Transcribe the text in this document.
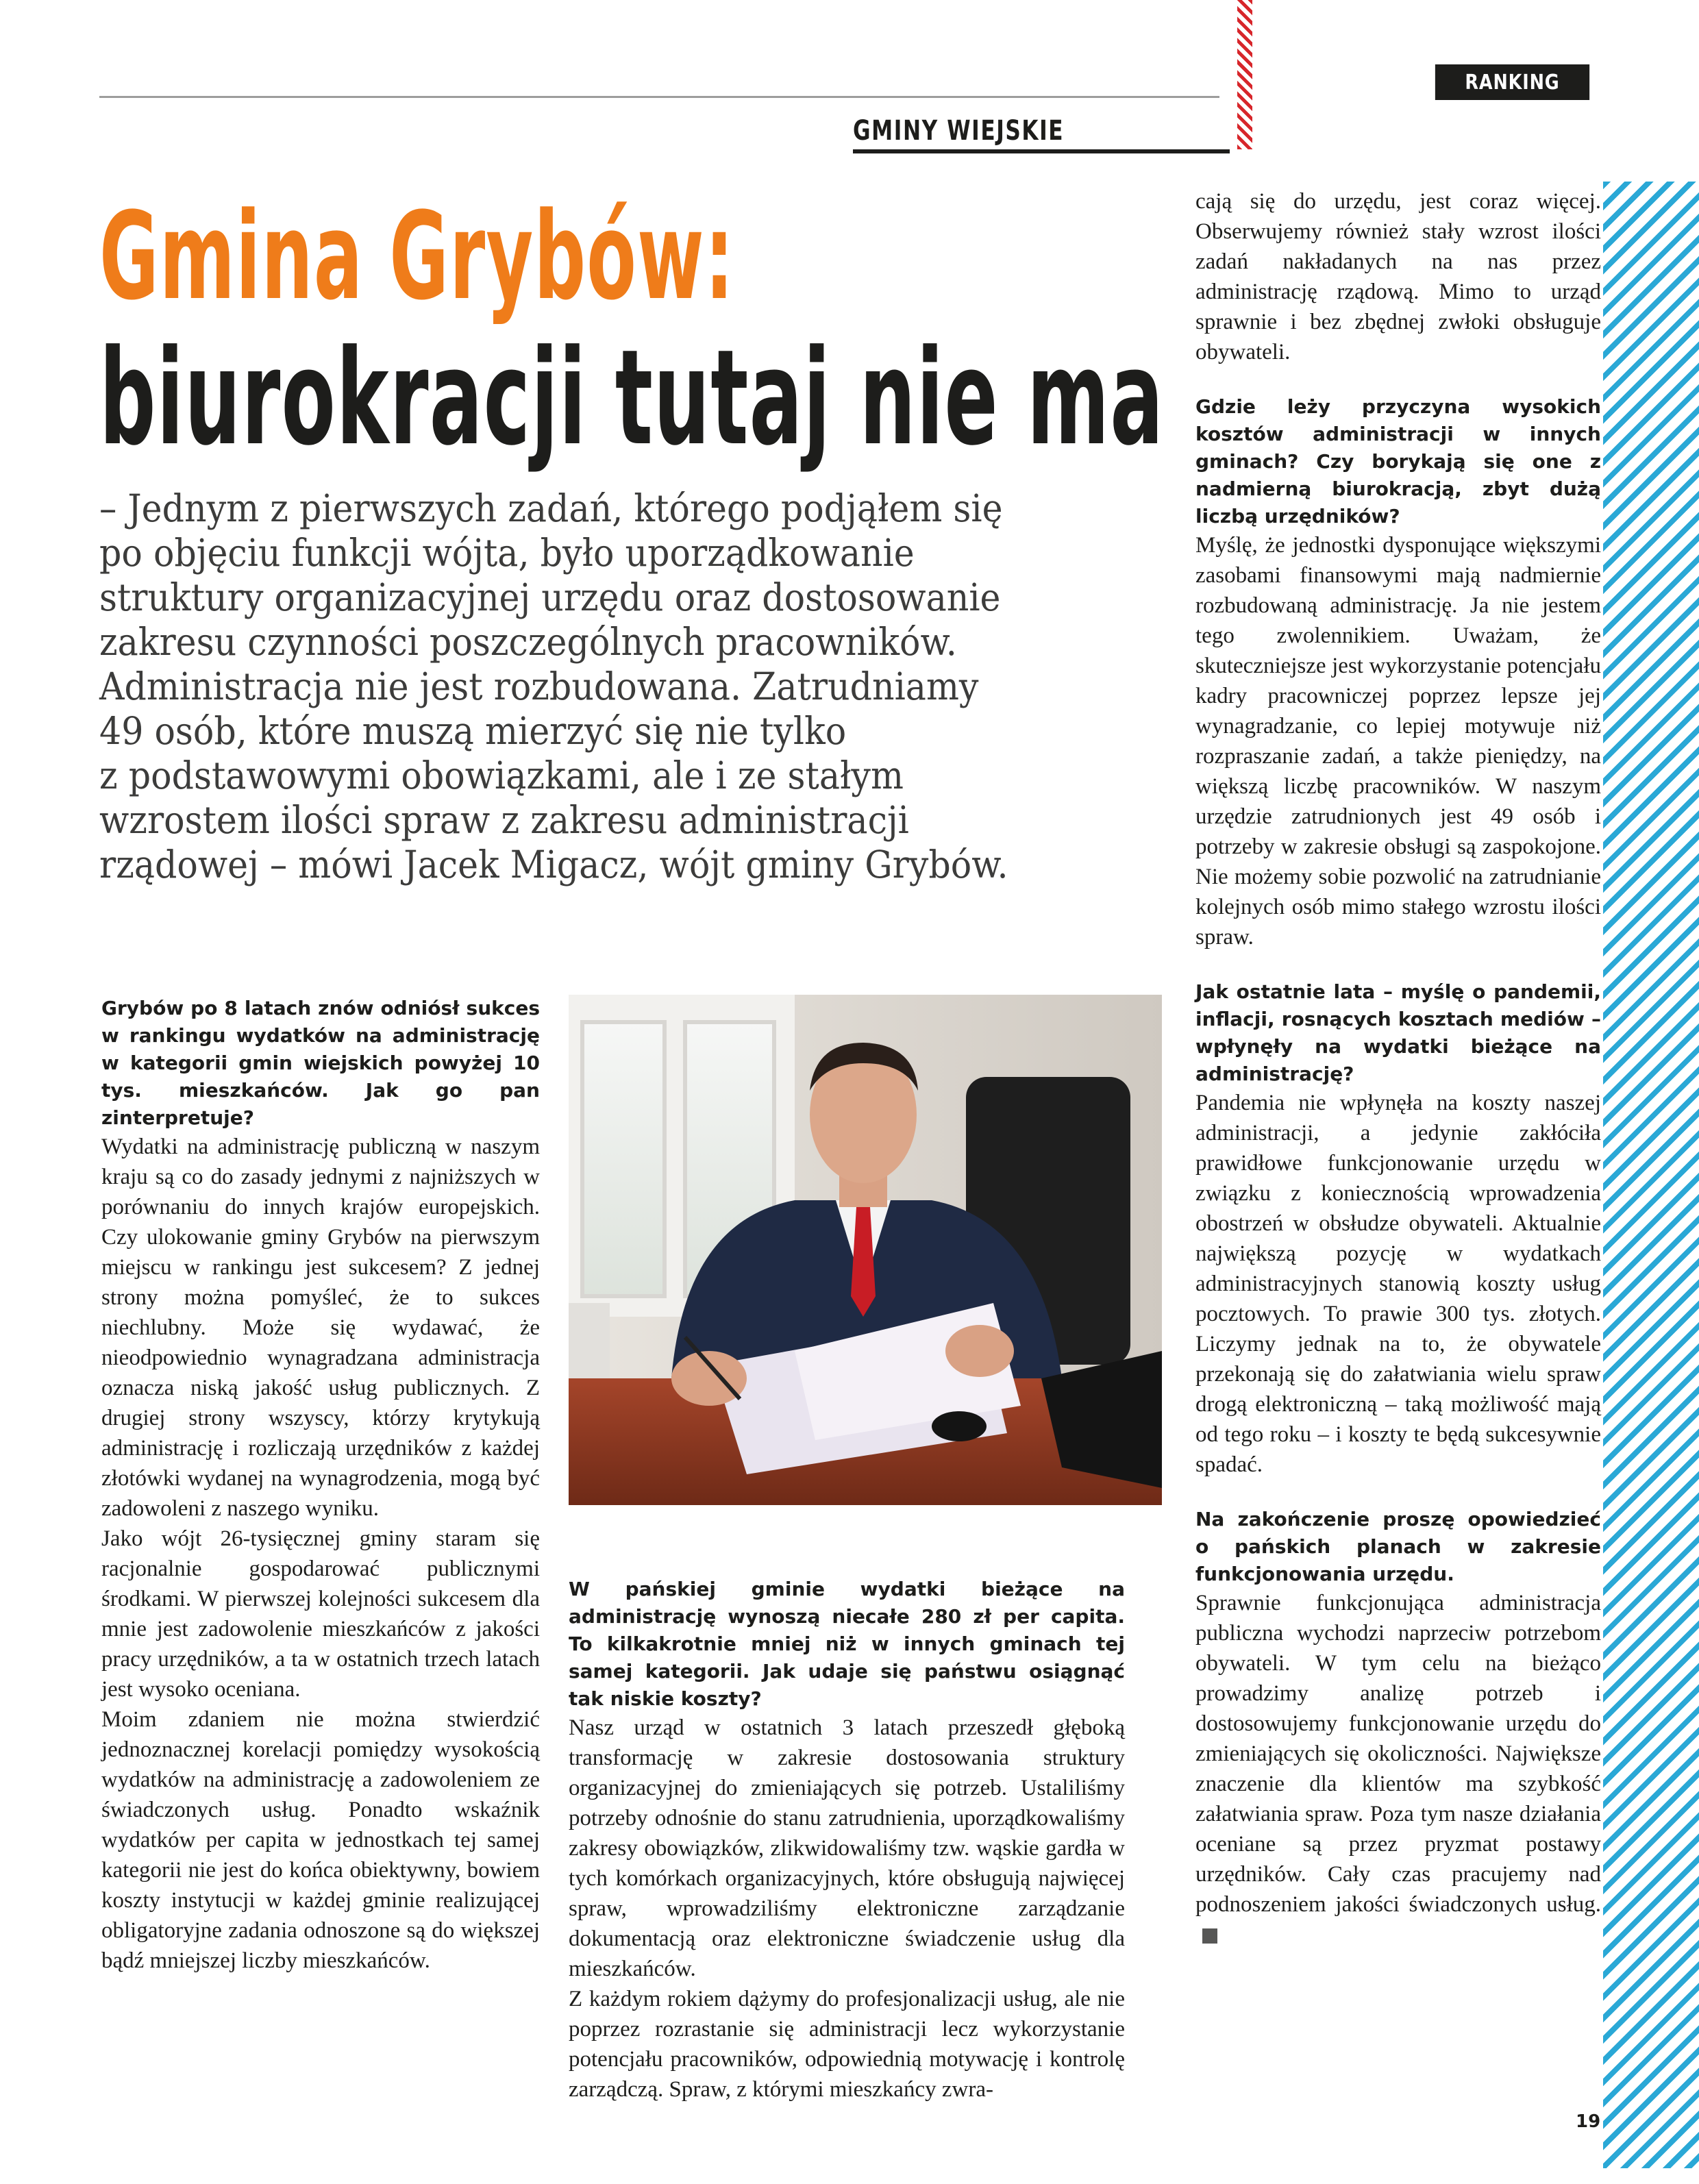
RANKING
GMINY WIEJSKIE
Gmina Grybów:
biurokracji tutaj nie ma
– Jednym z pierwszych zadań, którego podjąłem się
po objęciu funkcji wójta, było uporządkowanie
struktury organizacyjnej urzędu oraz dostosowanie
zakresu czynności poszczególnych pracowników.
Administracja nie jest rozbudowana. Zatrudniamy
49 osób, które muszą mierzyć się nie tylko
z podstawowymi obowiązkami, ale i ze stałym
wzrostem ilości spraw z zakresu administracji
rządowej – mówi Jacek Migacz, wójt gminy Grybów.

Grybów po 8 latach znów odniósł sukces w rankingu wydatków na administrację w kategorii gmin wiejskich powyżej 10 tys. mieszkańców. Jak go pan zinterpretuje?

Wydatki na administrację publiczną w naszym kraju są co do zasady jednymi z najniższych w porównaniu do innych krajów europejskich. Czy ulokowanie gminy Grybów na pierwszym miejscu w rankingu jest sukcesem? Z jednej strony można pomyśleć, że to sukces niechlubny. Może się wydawać, że nieodpowiednio wynagradzana administracja oznacza niską jakość usług publicznych. Z drugiej strony wszyscy, którzy krytykują administrację i rozliczają urzędników z każdej złotówki wydanej na wynagrodzenia, mogą być zadowoleni z naszego wyniku.

Jako wójt 26-tysięcznej gminy staram się racjonalnie gospodarować publicznymi środkami. W pierwszej kolejności sukcesem dla mnie jest zadowolenie mieszkańców z jakości pracy urzędników, a ta w ostatnich trzech latach jest wysoko oceniana.

Moim zdaniem nie można stwierdzić jednoznacznej korelacji pomiędzy wysokością wydatków na administrację a zadowoleniem ze świadczonych usług. Ponadto wskaźnik wydatków per capita w jednostkach tej samej kategorii nie jest do końca obiektywny, bowiem koszty instytucji w każdej gminie realizującej obligatoryjne zadania odnoszone są do większej bądź mniejszej liczby mieszkańców.

W pańskiej gminie wydatki bieżące na administrację wynoszą niecałe 280 zł per capita. To kilkakrotnie mniej niż w innych gminach tej samej kategorii. Jak udaje się państwu osiągnąć tak niskie koszty?

Nasz urząd w ostatnich 3 latach przeszedł głęboką transformację w zakresie dostosowania struktury organizacyjnej do zmieniających się potrzeb. Ustaliliśmy potrzeby odnośnie do stanu zatrudnienia, uporządkowaliśmy zakresy obowiązków, zlikwidowaliśmy tzw. wąskie gardła w tych komórkach organizacyjnych, które obsługują najwięcej spraw, wprowadziliśmy elektroniczne zarządzanie dokumentacją oraz elektroniczne świadczenie usług dla mieszkańców.

Z każdym rokiem dążymy do profesjonalizacji usług, ale nie poprzez rozrastanie się administracji lecz wykorzystanie potencjału pracowników, odpowiednią motywację i kontrolę zarządczą. Spraw, z którymi mieszkańcy zwra-

cają się do urzędu, jest coraz więcej. Obserwujemy również stały wzrost ilości zadań nakładanych na nas przez administrację rządową. Mimo to urząd sprawnie i bez zbędnej zwłoki obsługuje obywateli.

Gdzie leży przyczyna wysokich kosztów administracji w innych gminach? Czy borykają się one z nadmierną biurokracją, zbyt dużą liczbą urzędników?

Myślę, że jednostki dysponujące większymi zasobami finansowymi mają nadmiernie rozbudowaną administrację. Ja nie jestem tego zwolennikiem. Uważam, że skuteczniejsze jest wykorzystanie potencjału kadry pracowniczej poprzez lepsze jej wynagradzanie, co lepiej motywuje niż rozpraszanie zadań, a także pieniędzy, na większą liczbę pracowników. W naszym urzędzie zatrudnionych jest 49 osób i potrzeby w zakresie obsługi są zaspokojone. Nie możemy sobie pozwolić na zatrudnianie kolejnych osób mimo stałego wzrostu ilości spraw.

Jak ostatnie lata – myślę o pandemii, inflacji, rosnących kosztach mediów – wpłynęły na wydatki bieżące na administrację?

Pandemia nie wpłynęła na koszty naszej administracji, a jedynie zakłóciła prawidłowe funkcjonowanie urzędu w związku z koniecznością wprowadzenia obostrzeń w obsłudze obywateli. Aktualnie największą pozycję w wydatkach administracyjnych stanowią koszty usług pocztowych. To prawie 300 tys. złotych. Liczymy jednak na to, że obywatele przekonają się do załatwiania wielu spraw drogą elektroniczną – taką możliwość mają od tego roku – i koszty te będą sukcesywnie spadać.

Na zakończenie proszę opowiedzieć o pańskich planach w zakresie funkcjonowania urzędu.

Sprawnie funkcjonująca administracja publiczna wychodzi naprzeciw potrzebom obywateli. W tym celu na bieżąco prowadzimy analizę potrzeb i dostosowujemy funkcjonowanie urzędu do zmieniających się okoliczności. Największe znaczenie dla klientów ma szybkość załatwiania spraw. Poza tym nasze działania oceniane są przez pryzmat postawy urzędników. Cały czas pracujemy nad podnoszeniem jakości świadczonych usług.

19
